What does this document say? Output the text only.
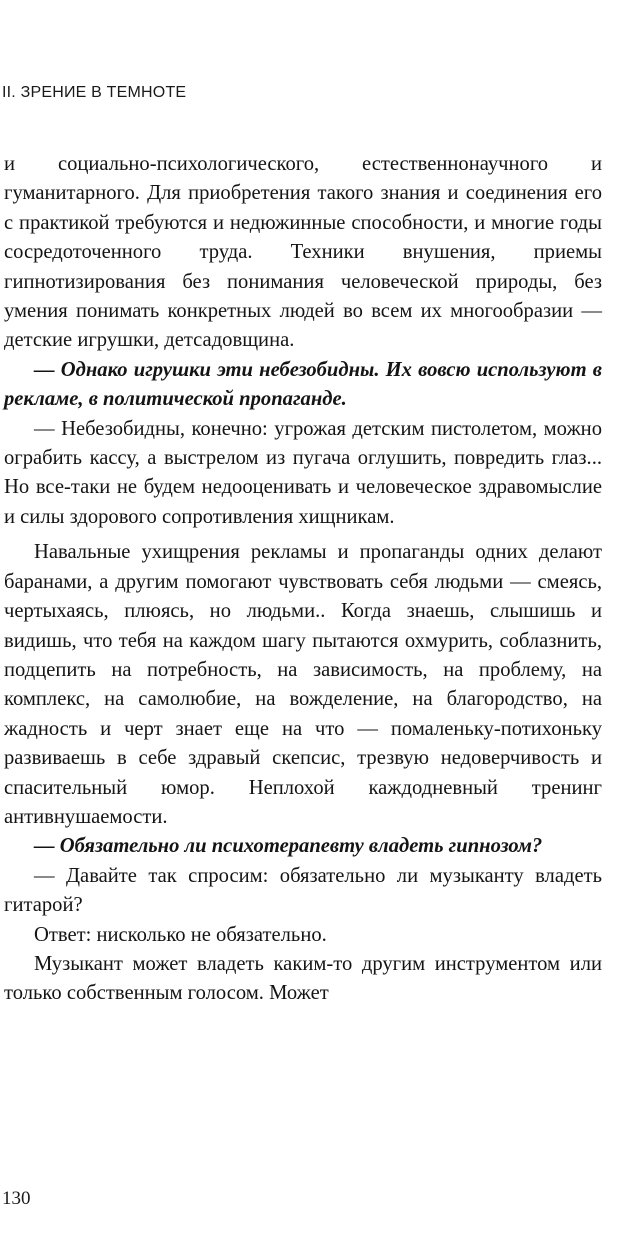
II. ЗРЕНИЕ В ТЕМНОТЕ

и социально-психологического, естественнонаучного и гуманитарного. Для приобретения такого знания и соединения его с практикой требуются и недюжинные способности, и многие годы сосредоточенного труда. Техники внушения, приемы гипнотизирования без понимания человеческой природы, без умения понимать конкретных людей во всем их многообразии — детские игрушки, детсадовщина.

— Однако игрушки эти небезобидны. Их вовсю используют в рекламе, в политической пропаганде.

— Небезобидны, конечно: угрожая детским пистолетом, можно ограбить кассу, а выстрелом из пугача оглушить, повредить глаз... Но все-таки не будем недооценивать и человеческое здравомыслие и силы здорового сопротивления хищникам.

Навальные ухищрения рекламы и пропаганды одних делают баранами, а другим помогают чувствовать себя людьми — смеясь, чертыхаясь, плюясь, но людьми.. Когда знаешь, слышишь и видишь, что тебя на каждом шагу пытаются охмурить, соблазнить, подцепить на потребность, на зависимость, на проблему, на комплекс, на самолюбие, на вожделение, на благородство, на жадность и черт знает еще на что — помаленьку-потихоньку развиваешь в себе здравый скепсис, трезвую недоверчивость и спасительный юмор. Неплохой каждодневный тренинг антивнушаемости.

— Обязательно ли психотерапевту владеть гипнозом?

— Давайте так спросим: обязательно ли музыканту владеть гитарой?

Ответ: нисколько не обязательно.

Музыкант может владеть каким-то другим инструментом или только собственным голосом. Может

130
